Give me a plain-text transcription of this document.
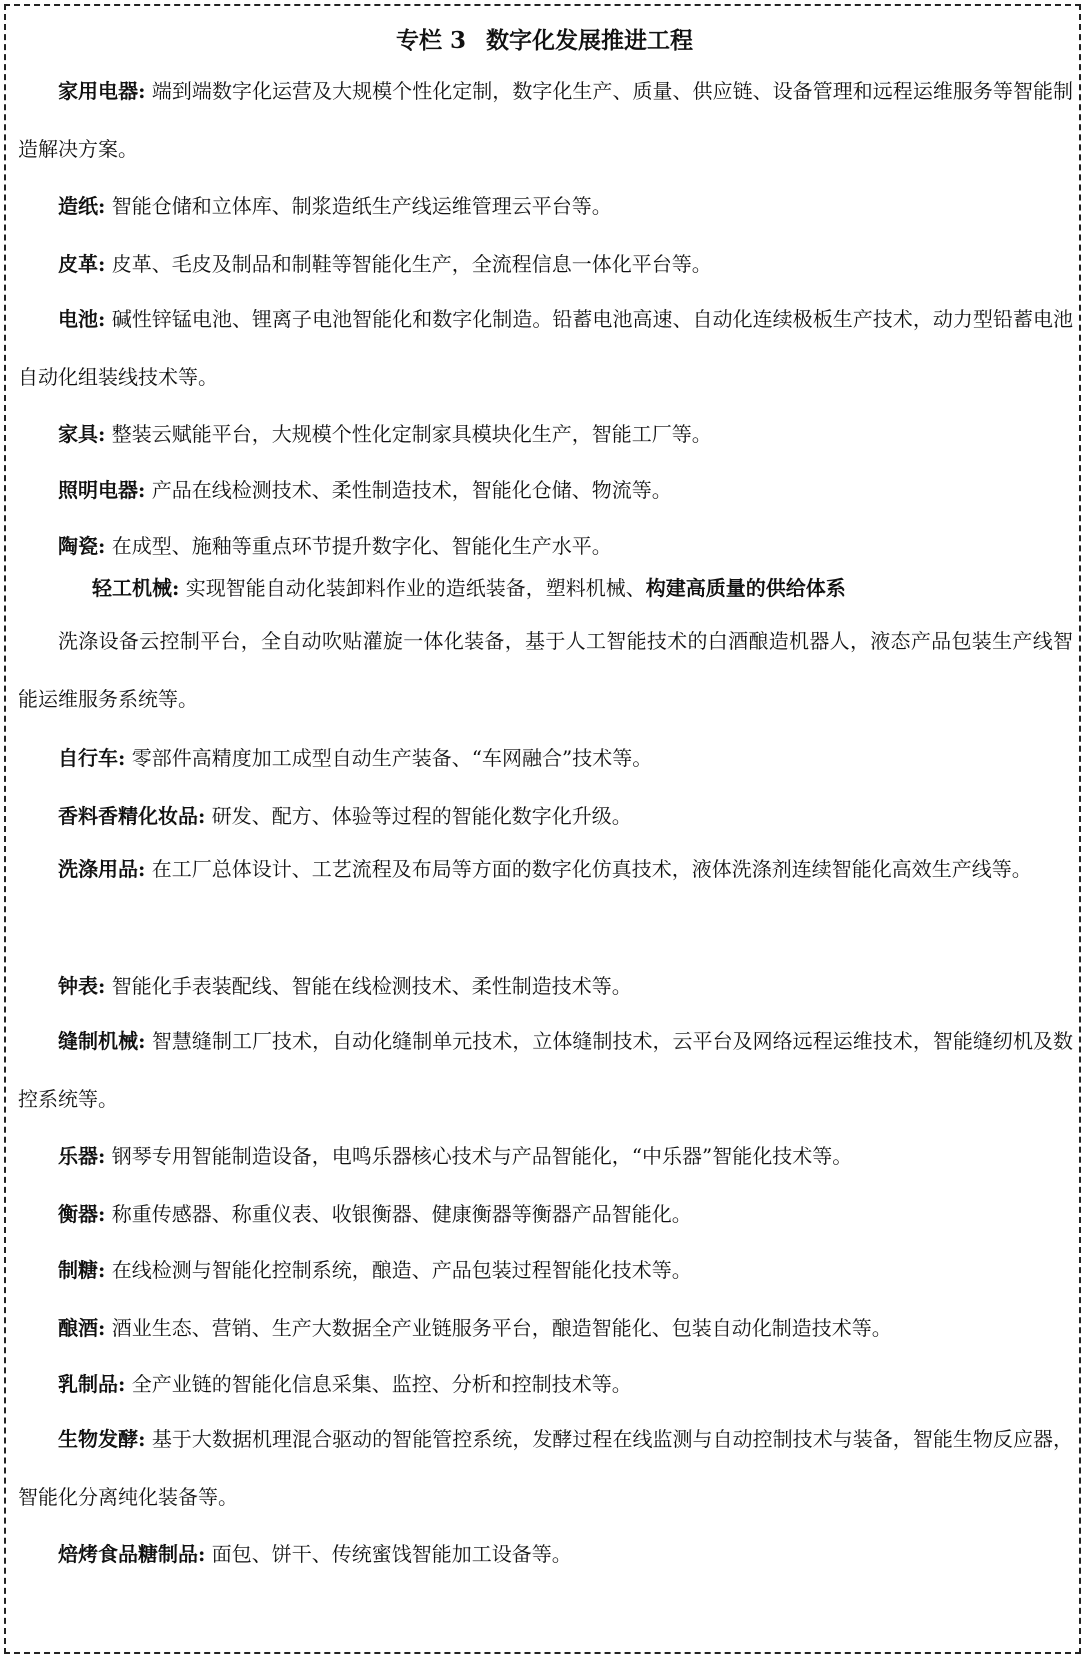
专栏 3 数字化发展推进工程
家用电器: 端到端数字化运营及大规模个性化定制，数字化生产、质量、供应链、设备管理和远程运维服务等智能制造解决方案。
造纸: 智能仓储和立体库、制浆造纸生产线运维管理云平台等。
皮革: 皮革、毛皮及制品和制鞋等智能化生产，全流程信息一体化平台等。
电池: 碱性锌锰电池、锂离子电池智能化和数字化制造。铅蓄电池高速、自动化连续极板生产技术，动力型铅蓄电池自动化组装线技术等。
家具: 整装云赋能平台，大规模个性化定制家具模块化生产，智能工厂等。
照明电器: 产品在线检测技术、柔性制造技术，智能化仓储、物流等。
陶瓷: 在成型、施釉等重点环节提升数字化、智能化生产水平。
轻工机械: 实现智能自动化装卸料作业的造纸装备，塑料机械、构建高质量的供给体系
洗涤设备云控制平台，全自动吹贴灌旋一体化装备，基于人工智能技术的白酒酿造机器人，液态产品包装生产线智能运维服务系统等。
自行车: 零部件高精度加工成型自动生产装备、“车网融合”技术等。
香料香精化妆品: 研发、配方、体验等过程的智能化数字化升级。
洗涤用品: 在工厂总体设计、工艺流程及布局等方面的数字化仿真技术，液体洗涤剂连续智能化高效生产线等。
钟表: 智能化手表装配线、智能在线检测技术、柔性制造技术等。
缝制机械: 智慧缝制工厂技术，自动化缝制单元技术，立体缝制技术，云平台及网络远程运维技术，智能缝纫机及数控系统等。
乐器: 钢琴专用智能制造设备，电鸣乐器核心技术与产品智能化，“中乐器”智能化技术等。
衡器: 称重传感器、称重仪表、收银衡器、健康衡器等衡器产品智能化。
制糖: 在线检测与智能化控制系统，酿造、产品包装过程智能化技术等。
酿酒: 酒业生态、营销、生产大数据全产业链服务平台，酿造智能化、包装自动化制造技术等。
乳制品: 全产业链的智能化信息采集、监控、分析和控制技术等。
生物发酵: 基于大数据机理混合驱动的智能管控系统，发酵过程在线监测与自动控制技术与装备，智能生物反应器，智能化分离纯化装备等。
焙烤食品糖制品: 面包、饼干、传统蜜饯智能加工设备等。
